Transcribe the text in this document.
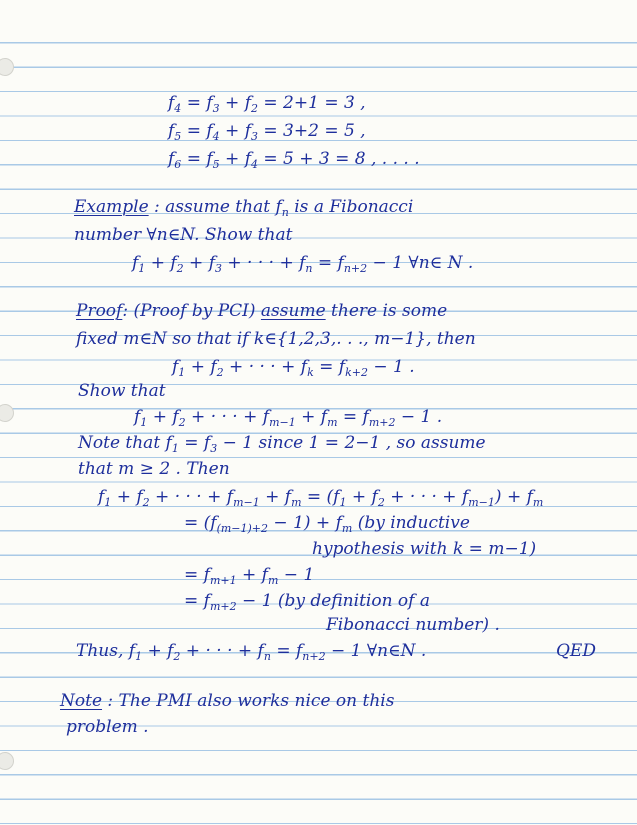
$f_4 = f_3 + f_2 = 2+1 = 3$ ,
$f_5 = f_4 + f_3 = 3+2 = 5$ ,
$f_6 = f_5 + f_4 = 5 + 3 = 8$ , . . . .
Example : assume that $f_n$ is a Fibonacci
number ∀n∈N. Show that
$f_1 + f_2 + f_3$ + · · · + $f_n = f_{n+2} - 1$ ∀n∈ N .
Proof: (Proof by PCI) assume there is some
fixed m∈N so that if k∈{1,2,3,. . ., m−1}, then
$f_1 + f_2$ + · · · + $f_k = f_{k+2} - 1$ .
Show that
$f_1 + f_2$ + · · · + $f_{m-1} + f_m = f_{m+2} - 1$ .
Note that $f_1 = f_3 - 1$ since 1 = 2−1 , so assume
that m ≥ 2 . Then
$f_1 + f_2$ + · · · + $f_{m-1} + f_m = (f_1 + f_2$ + · · · + $f_{m-1}) + f_m$
= $(f_{(m-1)+2} - 1) + f_m$ (by inductive
hypothesis with k = m−1)
= $f_{m+1} + f_m - 1$
= $f_{m+2} - 1$ (by definition of a
Fibonacci number) .
Thus, $f_1 + f_2$ + · · · + $f_n = f_{n+2} - 1$ ∀n∈N .	QED
Note : The PMI also works nice on this
problem .
